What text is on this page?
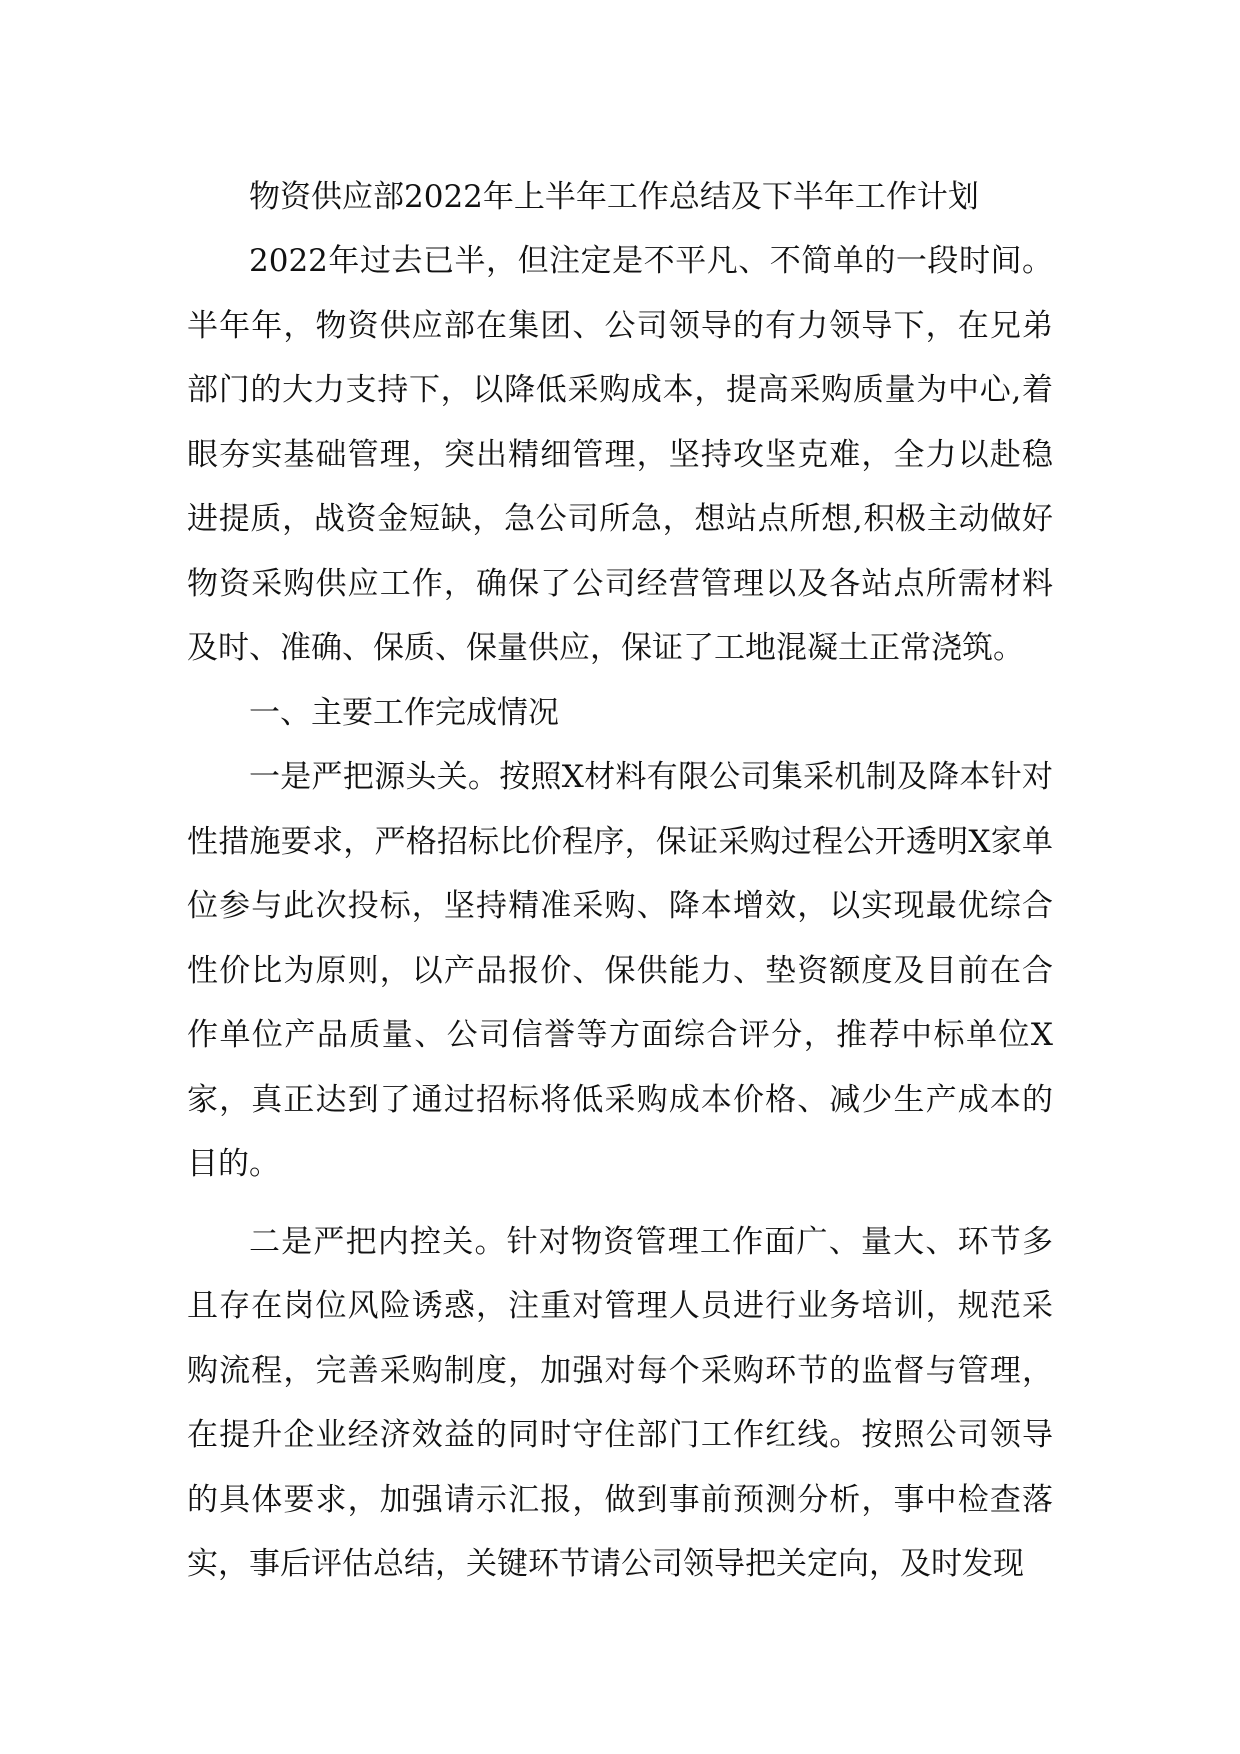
物资供应部2022年上半年工作总结及下半年工作计划

2022年过去已半，但注定是不平凡、不简单的一段时间。半年年，物资供应部在集团、公司领导的有力领导下，在兄弟部门的大力支持下，以降低采购成本，提高采购质量为中心,着眼夯实基础管理，突出精细管理，坚持攻坚克难，全力以赴稳进提质，战资金短缺，急公司所急，想站点所想,积极主动做好物资采购供应工作，确保了公司经营管理以及各站点所需材料及时、准确、保质、保量供应，保证了工地混凝土正常浇筑。

一、主要工作完成情况

一是严把源头关。按照X材料有限公司集采机制及降本针对性措施要求，严格招标比价程序，保证采购过程公开透明X家单位参与此次投标，坚持精准采购、降本增效，以实现最优综合性价比为原则，以产品报价、保供能力、垫资额度及目前在合作单位产品质量、公司信誉等方面综合评分，推荐中标单位X家，真正达到了通过招标将低采购成本价格、减少生产成本的目的。

二是严把内控关。针对物资管理工作面广、量大、环节多且存在岗位风险诱惑，注重对管理人员进行业务培训，规范采购流程，完善采购制度，加强对每个采购环节的监督与管理，在提升企业经济效益的同时守住部门工作红线。按照公司领导的具体要求，加强请示汇报，做到事前预测分析，事中检查落实，事后评估总结，关键环节请公司领导把关定向，及时发现
